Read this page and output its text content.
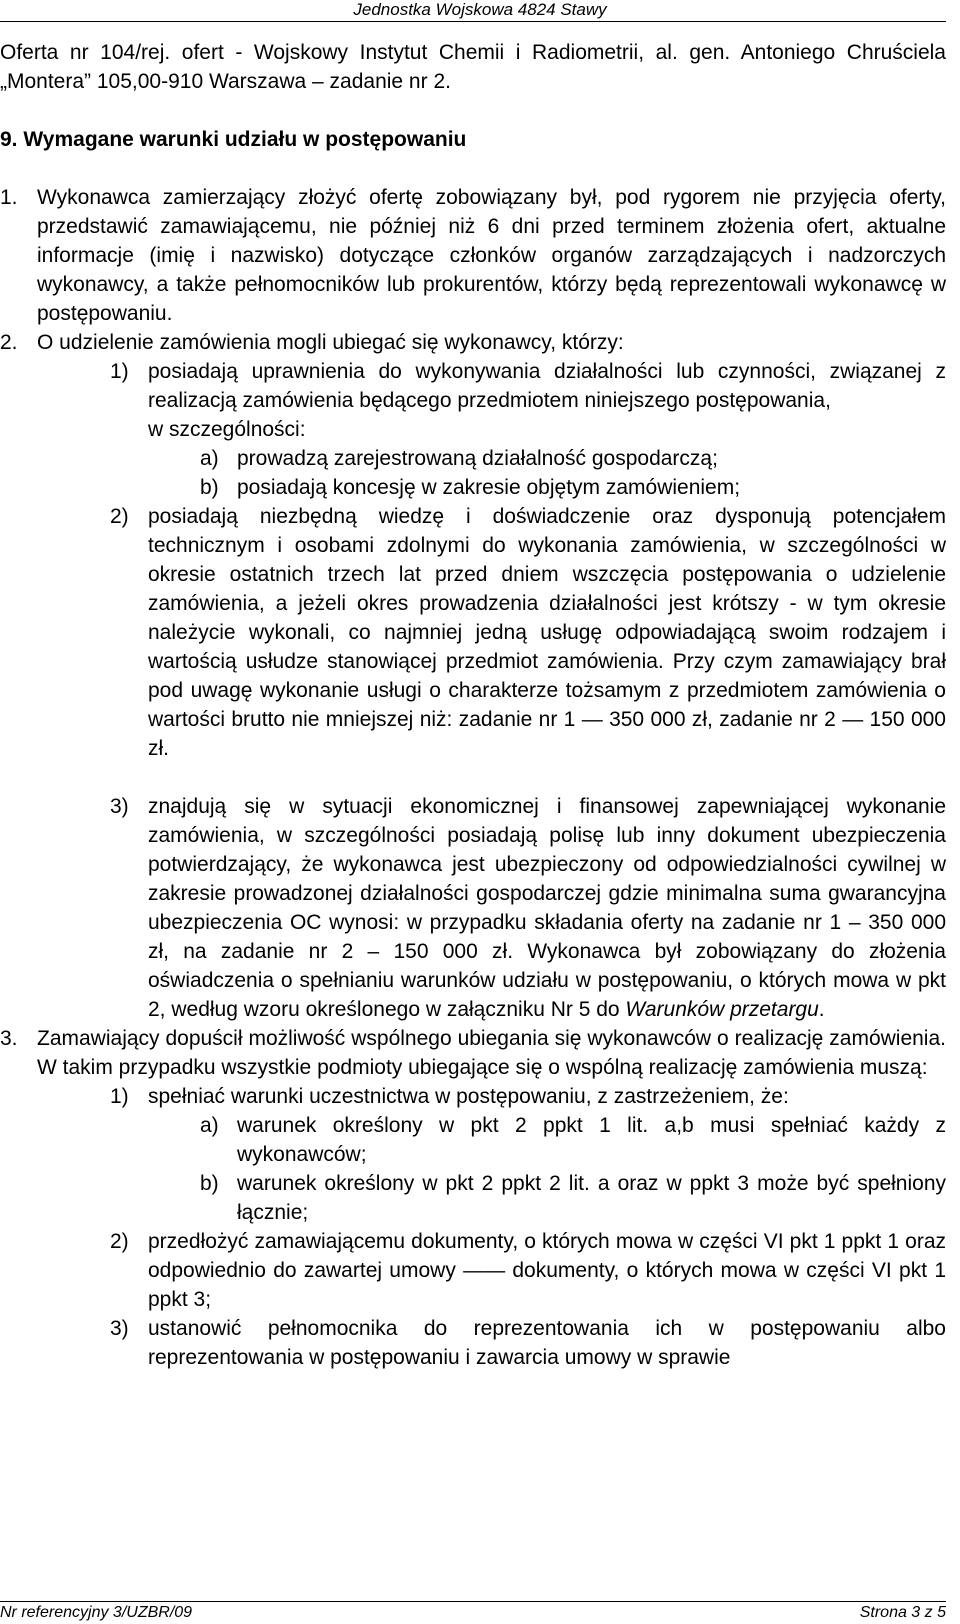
Jednostka Wojskowa 4824 Stawy

Oferta nr 104/rej. ofert - Wojskowy Instytut Chemii i Radiometrii, al. gen. Antoniego Chruściela „Montera” 105,00-910 Warszawa – zadanie nr 2.

9. Wymagane warunki udziału w postępowaniu

1. Wykonawca zamierzający złożyć ofertę zobowiązany był, pod rygorem nie przyjęcia oferty, przedstawić zamawiającemu, nie później niż 6 dni przed terminem złożenia ofert, aktualne informacje (imię i nazwisko) dotyczące członków organów zarządzających i nadzorczych wykonawcy, a także pełnomocników lub prokurentów, którzy będą reprezentowali wykonawcę w postępowaniu.
2. O udzielenie zamówienia mogli ubiegać się wykonawcy, którzy:
1) posiadają uprawnienia do wykonywania działalności lub czynności, związanej z realizacją zamówienia będącego przedmiotem niniejszego postępowania,

w szczególności:

a) prowadzą zarejestrowaną działalność gospodarczą;
b) posiadają koncesję w zakresie objętym zamówieniem;
2) posiadają niezbędną wiedzę i doświadczenie oraz dysponują potencjałem technicznym i osobami zdolnymi do wykonania zamówienia, w szczególności w okresie ostatnich trzech lat przed dniem wszczęcia postępowania o udzielenie zamówienia, a jeżeli okres prowadzenia działalności jest krótszy - w tym okresie należycie wykonali, co najmniej jedną usługę odpowiadającą swoim rodzajem i wartością usłudze stanowiącej przedmiot zamówienia. Przy czym zamawiający brał pod uwagę wykonanie usługi o charakterze tożsamym z przedmiotem zamówienia o wartości brutto nie mniejszej niż: zadanie nr 1 — 350 000 zł, zadanie nr 2 — 150 000 zł.
3) znajdują się w sytuacji ekonomicznej i finansowej zapewniającej wykonanie zamówienia, w szczególności posiadają polisę lub inny dokument ubezpieczenia potwierdzający, że wykonawca jest ubezpieczony od odpowiedzialności cywilnej w zakresie prowadzonej działalności gospodarczej gdzie minimalna suma gwarancyjna ubezpieczenia OC wynosi: w przypadku składania oferty na zadanie nr 1 – 350 000 zł, na zadanie nr 2 – 150 000 zł. Wykonawca był zobowiązany do złożenia oświadczenia o spełnianiu warunków udziału w postępowaniu, o których mowa w pkt 2, według wzoru określonego w załączniku Nr 5 do Warunków przetargu.
3. Zamawiający dopuścił możliwość wspólnego ubiegania się wykonawców o realizację zamówienia. W takim przypadku wszystkie podmioty ubiegające się o wspólną realizację zamówienia muszą:
1) spełniać warunki uczestnictwa w postępowaniu, z zastrzeżeniem, że:
a) warunek określony w pkt 2 ppkt 1 lit. a,b musi spełniać każdy z wykonawców;
b) warunek określony w pkt 2 ppkt 2 lit. a oraz w ppkt 3 może być spełniony łącznie;
2) przedłożyć zamawiającemu dokumenty, o których mowa w części VI pkt 1 ppkt 1 oraz odpowiednio do zawartej umowy —— dokumenty, o których mowa w części VI pkt 1 ppkt 3;
3) ustanowić pełnomocnika do reprezentowania ich w postępowaniu albo reprezentowania w postępowaniu i zawarcia umowy w sprawie
Nr referencyjny 3/UZBR/09	Strona 3 z 5
